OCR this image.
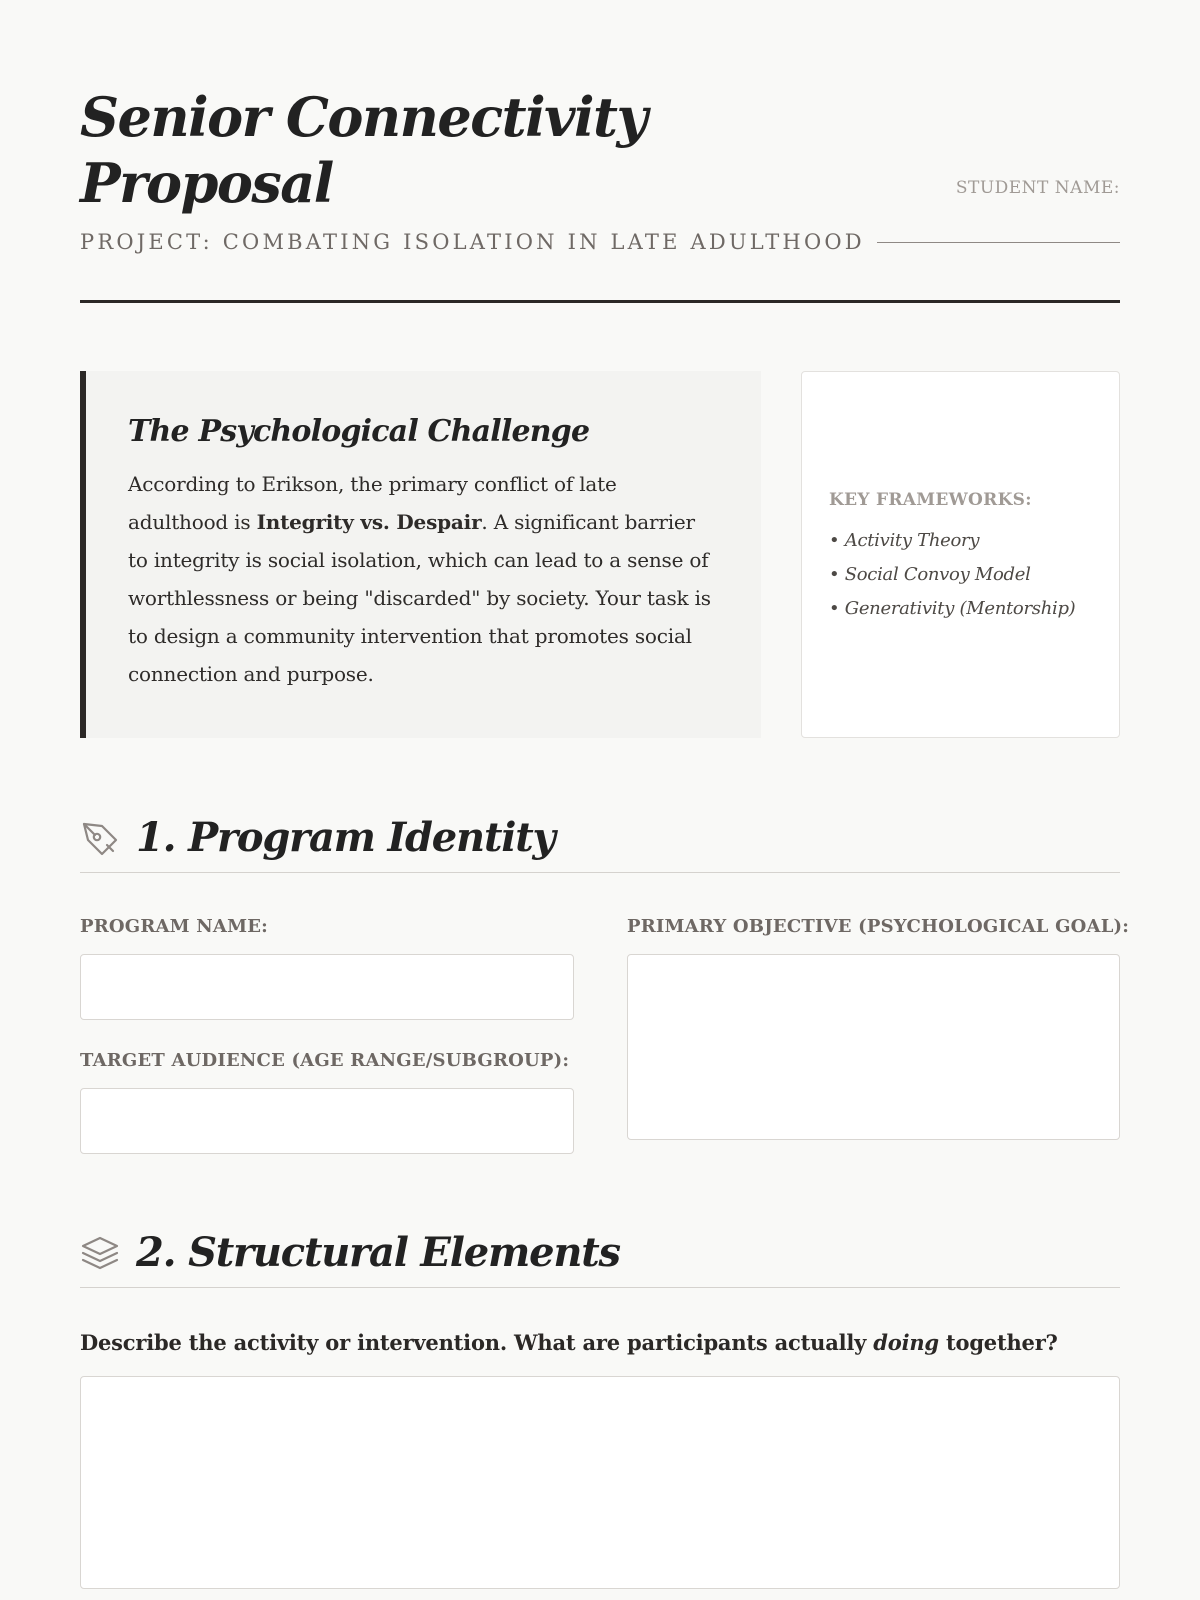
Senior Connectivity Proposal	STUDENT NAME:
PROJECT: COMBATING ISOLATION IN LATE ADULTHOOD
The Psychological Challenge

According to Erikson, the primary conflict of late adulthood is Integrity vs. Despair. A significant barrier to integrity is social isolation, which can lead to a sense of worthlessness or being "discarded" by society. Your task is to design a community intervention that promotes social connection and purpose.

KEY FRAMEWORKS:
• Activity Theory
• Social Convoy Model
• Generativity (Mentorship)
1. Program Identity
PROGRAM NAME:
TARGET AUDIENCE (AGE RANGE/SUBGROUP):
PRIMARY OBJECTIVE (PSYCHOLOGICAL GOAL):
2. Structural Elements
Describe the activity or intervention. What are participants actually doing together?
